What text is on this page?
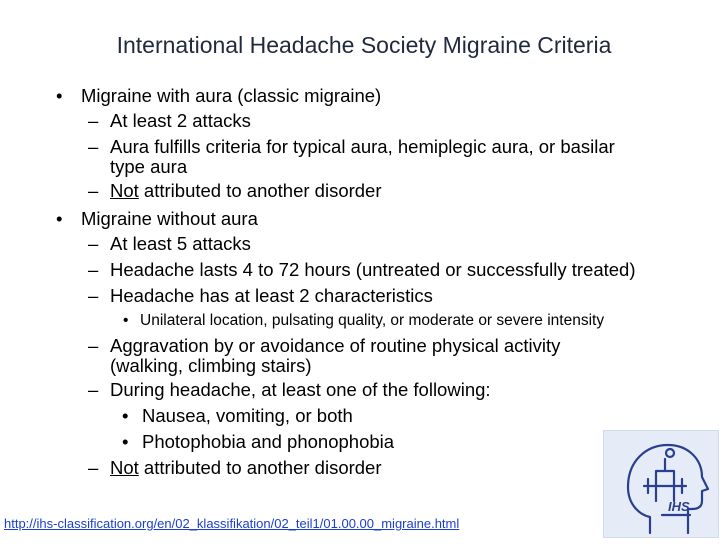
International Headache Society Migraine Criteria
• Migraine with aura (classic migraine)
– At least 2 attacks
– Aura fulfills criteria for typical aura, hemiplegic aura, or basilar
type aura
– Not attributed to another disorder
• Migraine without aura
– At least 5 attacks
– Headache lasts 4 to 72 hours (untreated or successfully treated)
– Headache has at least 2 characteristics
• Unilateral location, pulsating quality, or moderate or severe intensity
– Aggravation by or avoidance of routine physical activity
(walking, climbing stairs)
– During headache, at least one of the following:
• Nausea, vomiting, or both
• Photophobia and phonophobia
– Not attributed to another disorder
http://ihs-classification.org/en/02_klassifikation/02_teil1/01.00.00_migraine.html
IHS
